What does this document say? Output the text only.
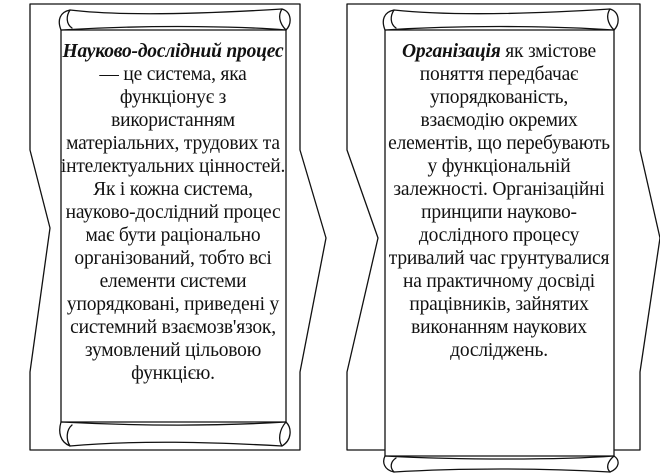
Науково-дослідний процес — це система, яка функціонує з використанням матеріальних, трудових та інтелектуальних цінностей. Як і кожна система, науково-дослідний процес має бути раціонально організований, тобто всі елементи системи упорядковані, приведені у системний взаємозв'язок, зумовлений цільовою функцією.
Організація як змістове поняття передбачає упорядкованість, взаємодію окремих елементів, що перебувають у функціональній залежності. Організаційні принципи науково-дослідного процесу тривалий час грунтувалися на практичному досвіді працівників, зайнятих виконанням наукових досліджень.
